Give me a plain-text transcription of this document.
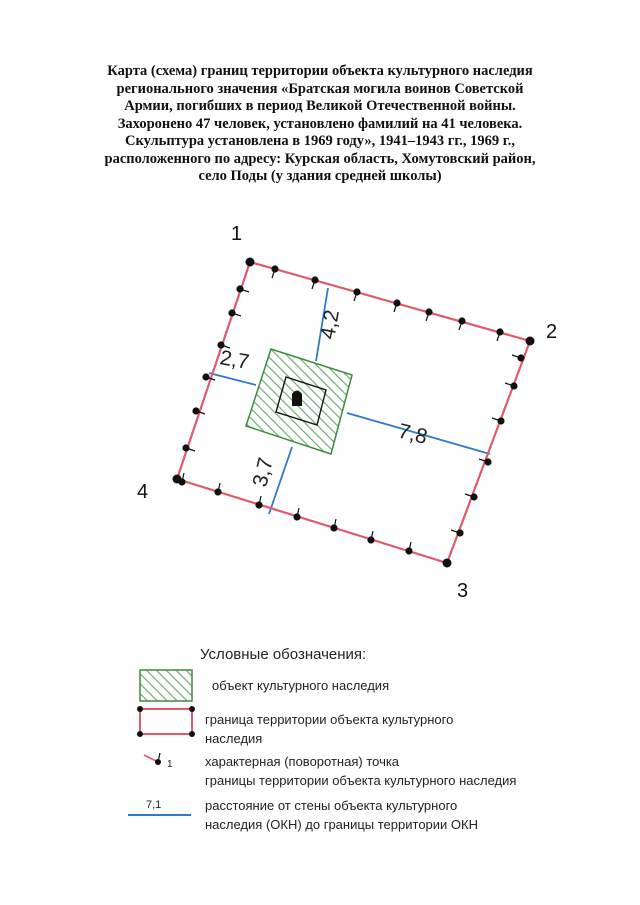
Карта (схема) границ территории объекта культурного наследия
регионального значения «Братская могила воинов Советской
Армии, погибших в период Великой Отечественной войны.
Захоронено 47 человек, установлено фамилий на 41 человека.
Скульптура установлена в 1969 году», 1941–1943 гг., 1969 г.,
расположенного по адресу: Курская область, Хомутовский район,
село Поды (у здания средней школы)
1
2
3
4
4,2
2,7
7,8
3,7
1
7,1
Условные обозначения:
объект культурного наследия
граница территории объекта культурного
наследия
характерная (поворотная) точка
границы территории объекта культурного наследия
расстояние от стены объекта культурного
наследия (ОКН) до границы территории ОКН
